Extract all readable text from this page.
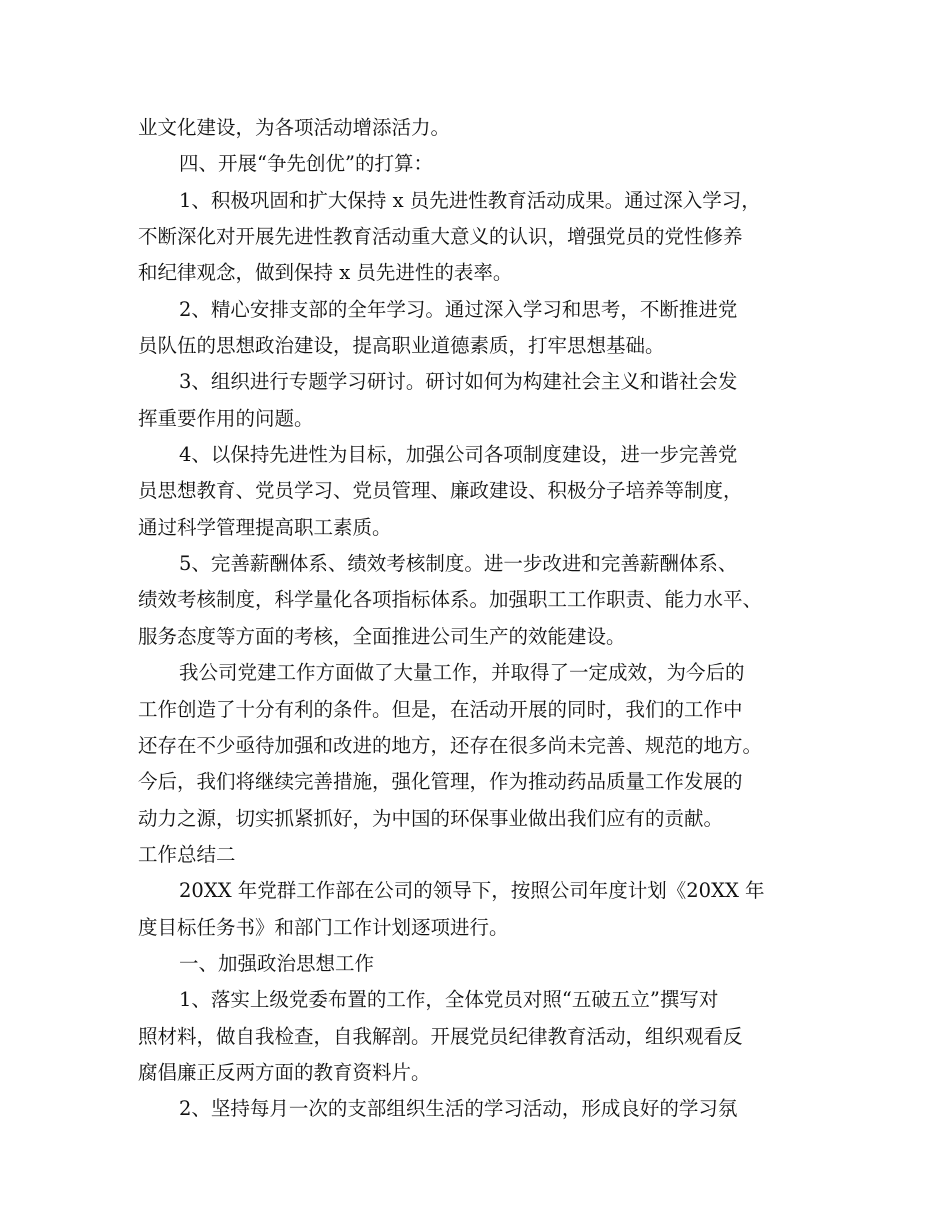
业文化建设，为各项活动增添活力。
四、开展“争先创优”的打算：
1、积极巩固和扩大保持 x 员先进性教育活动成果。通过深入学习，
不断深化对开展先进性教育活动重大意义的认识，增强党员的党性修养
和纪律观念，做到保持 x 员先进性的表率。
2、精心安排支部的全年学习。通过深入学习和思考，不断推进党
员队伍的思想政治建设，提高职业道德素质，打牢思想基础。
3、组织进行专题学习研讨。研讨如何为构建社会主义和谐社会发
挥重要作用的问题。
4、以保持先进性为目标，加强公司各项制度建设，进一步完善党
员思想教育、党员学习、党员管理、廉政建设、积极分子培养等制度，
通过科学管理提高职工素质。
5、完善薪酬体系、绩效考核制度。进一步改进和完善薪酬体系、
绩效考核制度，科学量化各项指标体系。加强职工工作职责、能力水平、
服务态度等方面的考核，全面推进公司生产的效能建设。
我公司党建工作方面做了大量工作，并取得了一定成效，为今后的
工作创造了十分有利的条件。但是，在活动开展的同时，我们的工作中
还存在不少亟待加强和改进的地方，还存在很多尚未完善、规范的地方。
今后，我们将继续完善措施，强化管理，作为推动药品质量工作发展的
动力之源，切实抓紧抓好，为中国的环保事业做出我们应有的贡献。
工作总结二
20XX 年党群工作部在公司的领导下，按照公司年度计划《20XX 年
度目标任务书》和部门工作计划逐项进行。
一、加强政治思想工作
1、落实上级党委布置的工作，全体党员对照“五破五立”撰写对
照材料，做自我检查，自我解剖。开展党员纪律教育活动，组织观看反
腐倡廉正反两方面的教育资料片。
2、坚持每月一次的支部组织生活的学习活动，形成良好的学习氛
